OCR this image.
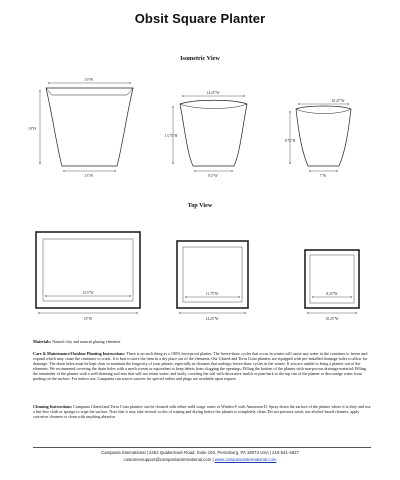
Obsit Square Planter
Isometric View
Top View
19"W
19"H
13"W
14.25"W
13.75"H
8.5"W
10.25"W
8.75"H
7"W
15.5"W
19"W
11.75"W
14.25"W
8.25"W
10.25"W

Materials: Natural clay and natural glazing elements

Care & Maintenance/Outdoor Planting Instructions: There is no such thing as a 100% frost-proof planter. The freeze-thaw cycles that occur in winter will cause any water in the container to freeze and expand which may cause the container to crack. It is best to store the item in a dry place out of the elements. Our Glazed and Terra Cotta planters are equipped with pre-installed drainage holes to allow for drainage. The drain holes must be kept clear to maintain the longevity of your planter, especially in climates that undergo freeze-thaw cycles in the winter. If you are unable to bring a planter out of the elements: We recommend covering the drain holes with a mesh screen or equivalent to keep debris from clogging the openings; Filling the bottom of the planter with non-porous drainage material; Filling the remainder of the planter with a well-draining soil mix that will not retain water; and lastly, covering the soil with decorative mulch or pine bark to the top rim of the planter to discourage water from pooling on the surface. For indoor use, Campania can source saucers for special orders and plugs are available upon request.

Cleaning Instructions: Campania Glazed and Terra Cotta planters can be cleaned with either mild soapy water or Windex® with Ammonia-D. Spray down the surface of the planter where it is dirty and use a lint-free cloth or sponge to wipe the surface. Note that it may take several cycles of wiping and drying before the planter is completely clean. Do not pressure wash, use alcohol based cleaners, apply corrosive cleaners or clean with anything abrasive.

Campania International | 2452 Quakertown Road, Suite 100, Pennsburg, PA 18073 USA | 215-541-4627
customersupport@campaniainternational.com | www.campaniainternational.com
